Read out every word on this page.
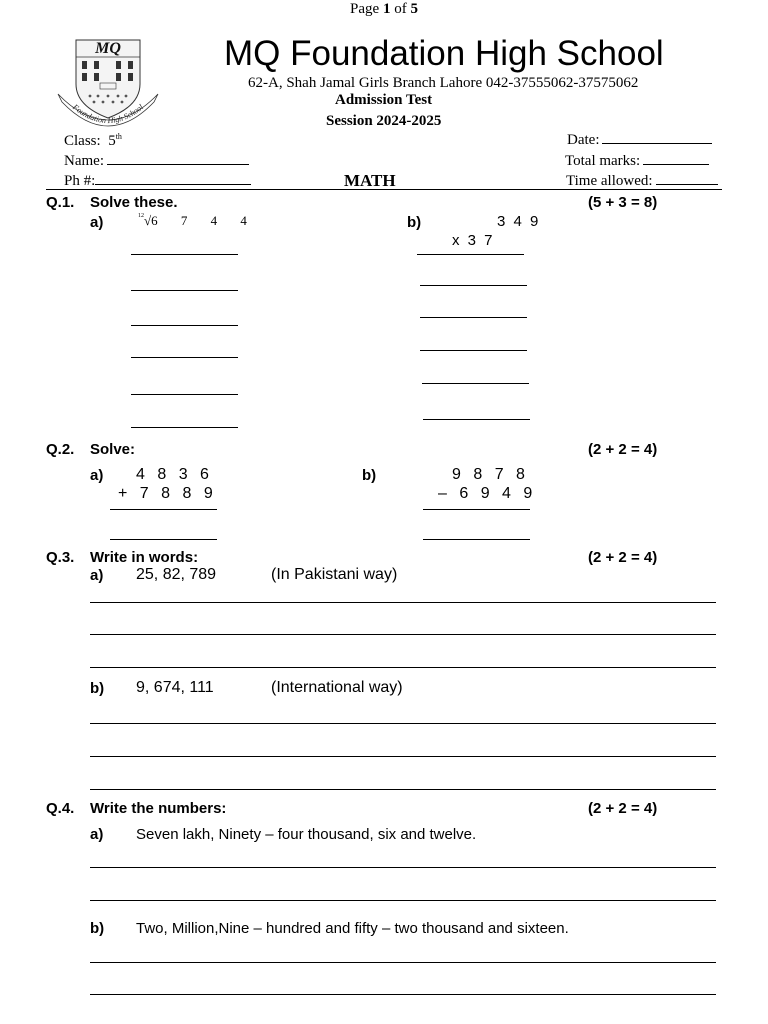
Page 1 of 5
MQ
Foundation High School
MQ Foundation High School
62-A, Shah Jamal Girls Branch Lahore 042-37555062-37575062
Admission Test
Session 2024-2025
Class: 5th
Name:
Ph #:	MATH
Date:
Total marks:
Time allowed:
Q.1. Solve these.	(5 + 3 = 8)
a)	$^{12}$√6 7 4 4	b)	3 4 9
x 3 7
Q.2. Solve:	(2 + 2 = 4)
a) 4 8 3 6
+ 7 8 8 9
b)	9 8 7 8
– 6 9 4 9
Q.3. Write in words:	(2 + 2 = 4)
a) 25, 82, 789	(In Pakistani way)
b) 9, 674, 111	(International way)
Q.4. Write the numbers:	(2 + 2 = 4)
a) Seven lakh, Ninety – four thousand, six and twelve.
b) Two, Million,Nine – hundred and fifty – two thousand and sixteen.
